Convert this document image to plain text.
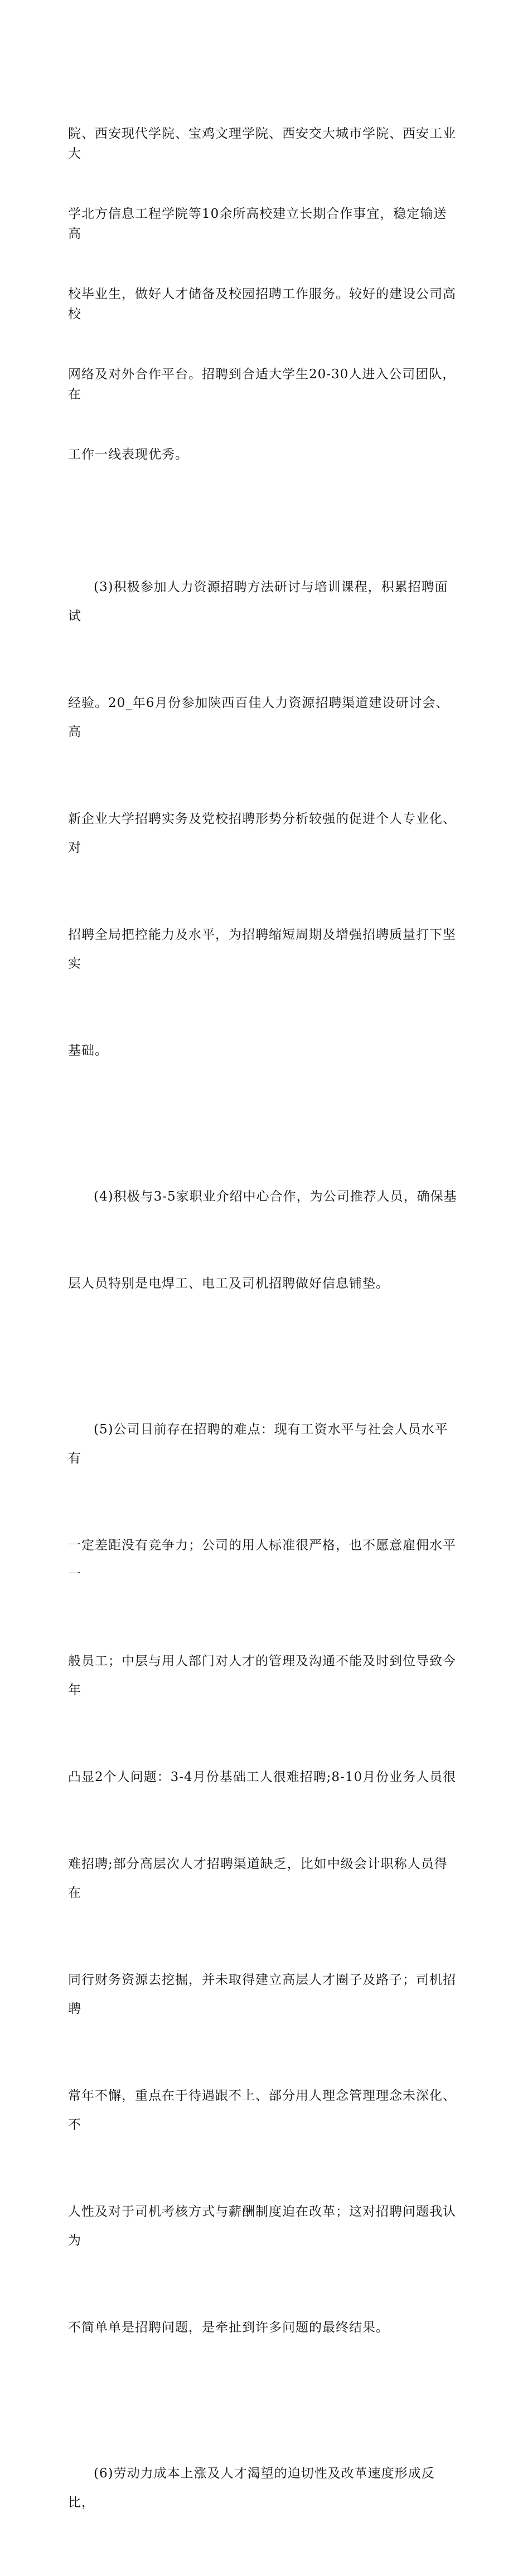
院、西安现代学院、宝鸡文理学院、西安交大城市学院、西安工业大

学北方信息工程学院等10余所高校建立长期合作事宜，稳定输送高

校毕业生，做好人才储备及校园招聘工作服务。较好的建设公司高校

网络及对外合作平台。招聘到合适大学生20-30人进入公司团队，在

工作一线表现优秀。

(3)积极参加人力资源招聘方法研讨与培训课程，积累招聘面试

经验。20_年6月份参加陕西百佳人力资源招聘渠道建设研讨会、高

新企业大学招聘实务及党校招聘形势分析较强的促进个人专业化、对

招聘全局把控能力及水平，为招聘缩短周期及增强招聘质量打下坚实

基础。

(4)积极与3-5家职业介绍中心合作，为公司推荐人员，确保基

层人员特别是电焊工、电工及司机招聘做好信息铺垫。

(5)公司目前存在招聘的难点：现有工资水平与社会人员水平有

一定差距没有竞争力；公司的用人标准很严格，也不愿意雇佣水平一

般员工；中层与用人部门对人才的管理及沟通不能及时到位导致今年

凸显2个人问题：3-4月份基础工人很难招聘;8-10月份业务人员很

难招聘;部分高层次人才招聘渠道缺乏，比如中级会计职称人员得在

同行财务资源去挖掘，并未取得建立高层人才圈子及路子；司机招聘

常年不懈，重点在于待遇跟不上、部分用人理念管理理念未深化、不

人性及对于司机考核方式与薪酬制度迫在改革；这对招聘问题我认为

不简单单是招聘问题，是牵扯到许多问题的最终结果。

(6)劳动力成本上涨及人才渴望的迫切性及改革速度形成反比，
